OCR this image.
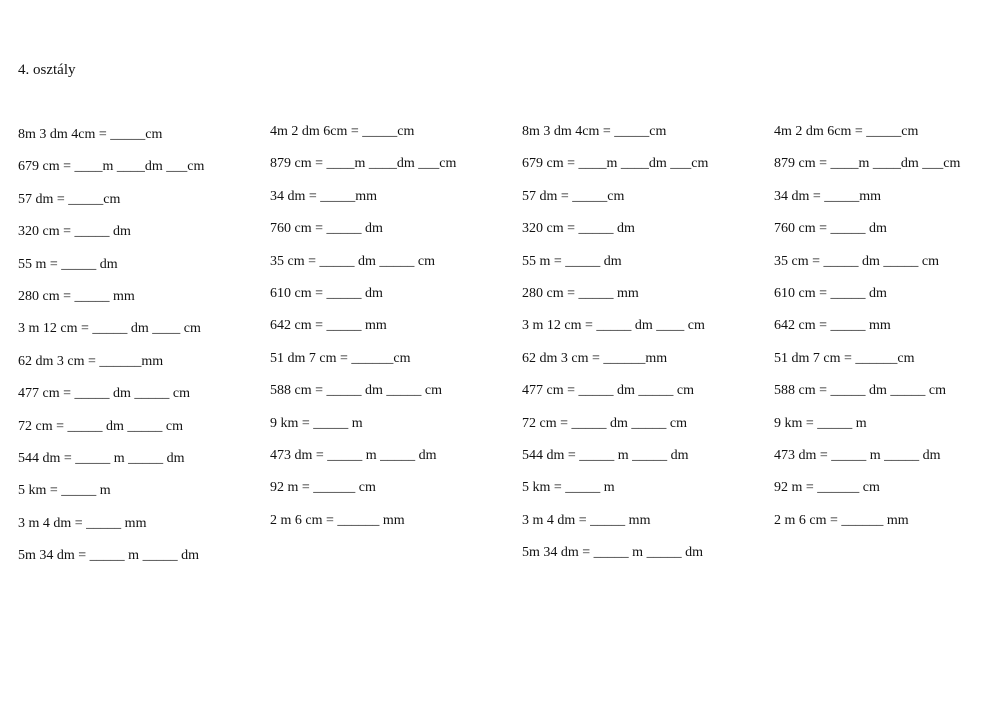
4. osztály
8m 3 dm 4cm = _____cm
679 cm = ____m ____dm ___cm
57 dm = _____cm
320 cm = _____ dm
55 m = _____ dm
280 cm = _____ mm
3 m 12 cm = _____ dm ____ cm
62 dm 3 cm = ______mm
477 cm = _____ dm _____ cm
72 cm = _____ dm _____ cm
544 dm = _____ m _____ dm
5 km = _____ m
3 m 4 dm = _____ mm
5m 34 dm = _____ m _____ dm
4m 2 dm 6cm = _____cm
879 cm = ____m ____dm ___cm
34 dm = _____mm
760 cm = _____ dm
35 cm = _____ dm _____ cm
610 cm = _____ dm
642 cm = _____ mm
51 dm 7 cm = ______cm
588 cm = _____ dm _____ cm
9 km = _____ m
473 dm = _____ m _____ dm
92 m = ______ cm
2 m 6 cm = ______ mm
8m 3 dm 4cm = _____cm
679 cm = ____m ____dm ___cm
57 dm = _____cm
320 cm = _____ dm
55 m = _____ dm
280 cm = _____ mm
3 m 12 cm = _____ dm ____ cm
62 dm 3 cm = ______mm
477 cm = _____ dm _____ cm
72 cm = _____ dm _____ cm
544 dm = _____ m _____ dm
5 km = _____ m
3 m 4 dm = _____ mm
5m 34 dm = _____ m _____ dm
4m 2 dm 6cm = _____cm
879 cm = ____m ____dm ___cm
34 dm = _____mm
760 cm = _____ dm
35 cm = _____ dm _____ cm
610 cm = _____ dm
642 cm = _____ mm
51 dm 7 cm = ______cm
588 cm = _____ dm _____ cm
9 km = _____ m
473 dm = _____ m _____ dm
92 m = ______ cm
2 m 6 cm = ______ mm
